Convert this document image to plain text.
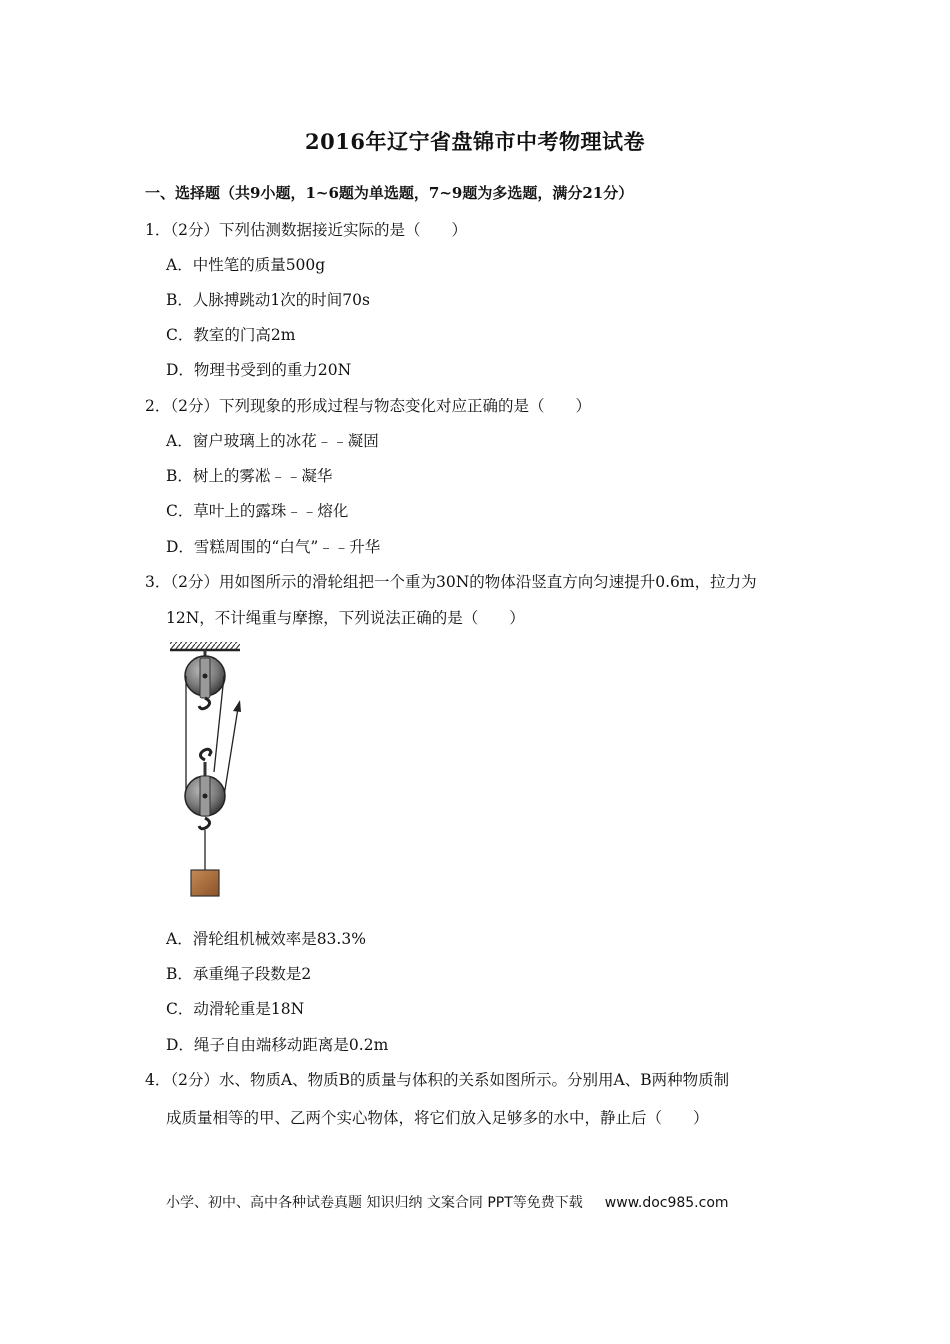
2016年辽宁省盘锦市中考物理试卷
一、选择题（共9小题，1~6题为单选题，7~9题为多选题，满分21分）
1．（2分）下列估测数据接近实际的是（　　）
A．中性笔的质量500g
B．人脉搏跳动1次的时间70s
C．教室的门高2m
D．物理书受到的重力20N
2．（2分）下列现象的形成过程与物态变化对应正确的是（　　）
A．窗户玻璃上的冰花﹣﹣凝固
B．树上的雾凇﹣﹣凝华
C．草叶上的露珠﹣﹣熔化
D．雪糕周围的“白气”﹣﹣升华
3．（2分）用如图所示的滑轮组把一个重为30N的物体沿竖直方向匀速提升0.6m，拉力为
12N，不计绳重与摩擦，下列说法正确的是（　　）
A．滑轮组机械效率是83.3%
B．承重绳子段数是2
C．动滑轮重是18N
D．绳子自由端移动距离是0.2m
4．（2分）水、物质A、物质B的质量与体积的关系如图所示。分别用A、B两种物质制
成质量相等的甲、乙两个实心物体，将它们放入足够多的水中，静止后（　　）
小学、初中、高中各种试卷真题 知识归纳 文案合同 PPT等免费下载 www.doc985.com
